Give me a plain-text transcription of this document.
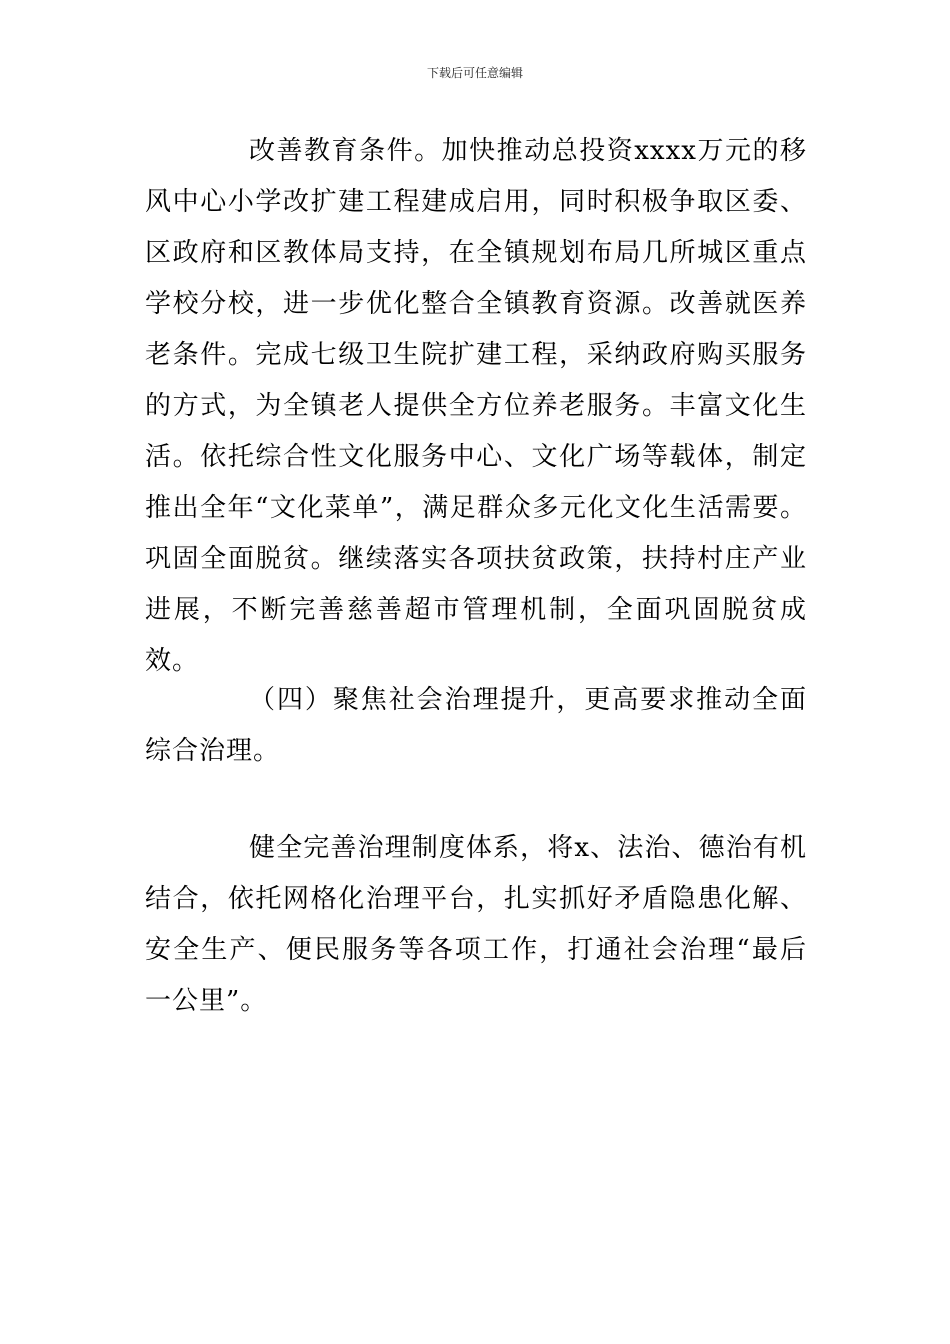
下载后可任意编辑

改善教育条件。加快推动总投资xxxx万元的移风中心小学改扩建工程建成启用，同时积极争取区委、区政府和区教体局支持，在全镇规划布局几所城区重点学校分校，进一步优化整合全镇教育资源。改善就医养老条件。完成七级卫生院扩建工程，采纳政府购买服务的方式，为全镇老人提供全方位养老服务。丰富文化生活。依托综合性文化服务中心、文化广场等载体，制定推出全年“文化菜单”，满足群众多元化文化生活需要。巩固全面脱贫。继续落实各项扶贫政策，扶持村庄产业进展，不断完善慈善超市管理机制，全面巩固脱贫成效。

（四）聚焦社会治理提升，更高要求推动全面综合治理。

健全完善治理制度体系，将x、法治、德治有机结合，依托网格化治理平台，扎实抓好矛盾隐患化解、安全生产、便民服务等各项工作，打通社会治理“最后一公里”。
